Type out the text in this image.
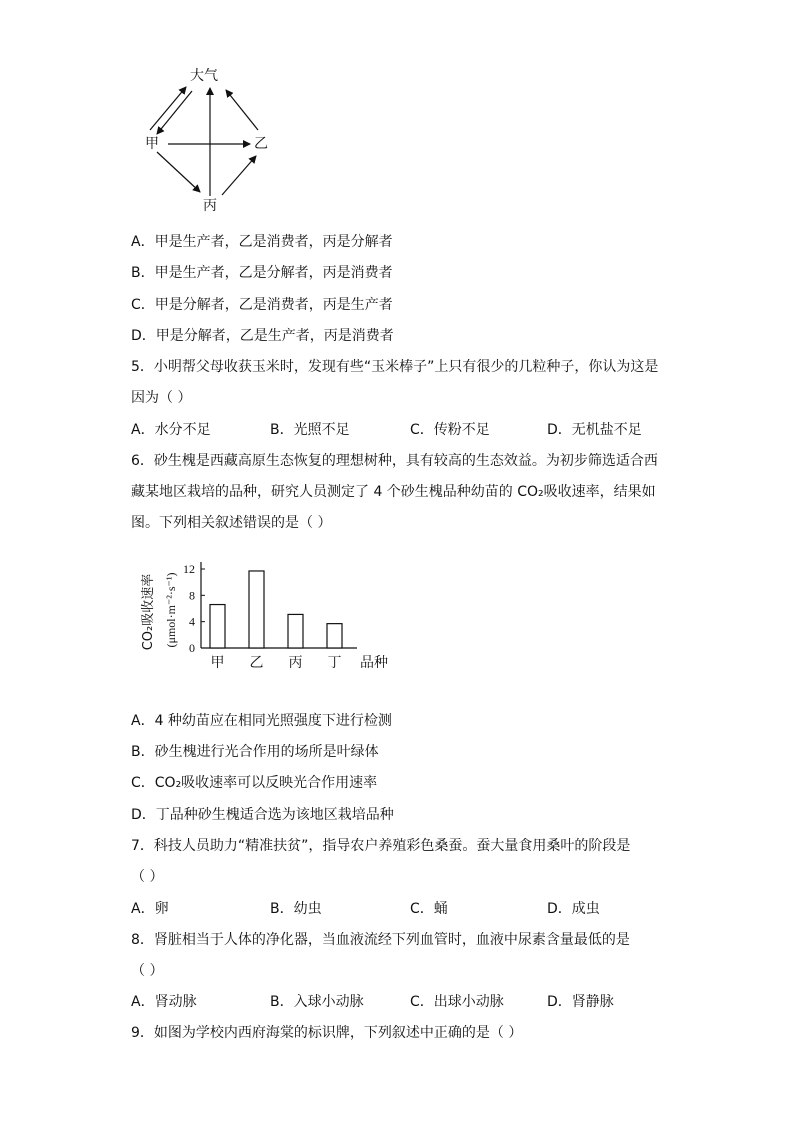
大气
甲	乙
丙
A．甲是生产者，乙是消费者，丙是分解者
B．甲是生产者，乙是分解者，丙是消费者
C．甲是分解者，乙是消费者，丙是生产者
D．甲是分解者，乙是生产者，丙是消费者
5．小明帮父母收获玉米时，发现有些“玉米棒子”上只有很少的几粒种子，你认为这是
因为（ ）
A．水分不足	B．光照不足	C．传粉不足	D．无机盐不足
6．砂生槐是西藏高原生态恢复的理想树种，具有较高的生态效益。为初步筛选适合西
藏某地区栽培的品种，研究人员测定了 4 个砂生槐品种幼苗的 CO₂吸收速率，结果如
图。下列相关叙述错误的是（ ）
0
4
8
12
甲 乙 丙 丁 品种
CO₂吸收速率 (μmol·m⁻²·s⁻¹)
A．4 种幼苗应在相同光照强度下进行检测
B．砂生槐进行光合作用的场所是叶绿体
C．CO₂吸收速率可以反映光合作用速率
D．丁品种砂生槐适合选为该地区栽培品种
7．科技人员助力“精准扶贫”，指导农户养殖彩色桑蚕。蚕大量食用桑叶的阶段是
（ ）
A．卵	B．幼虫	C．蛹	D．成虫
8．肾脏相当于人体的净化器，当血液流经下列血管时，血液中尿素含量最低的是
（ ）
A．肾动脉	B．入球小动脉	C．出球小动脉	D．肾静脉
9．如图为学校内西府海棠的标识牌，下列叙述中正确的是（ ）
